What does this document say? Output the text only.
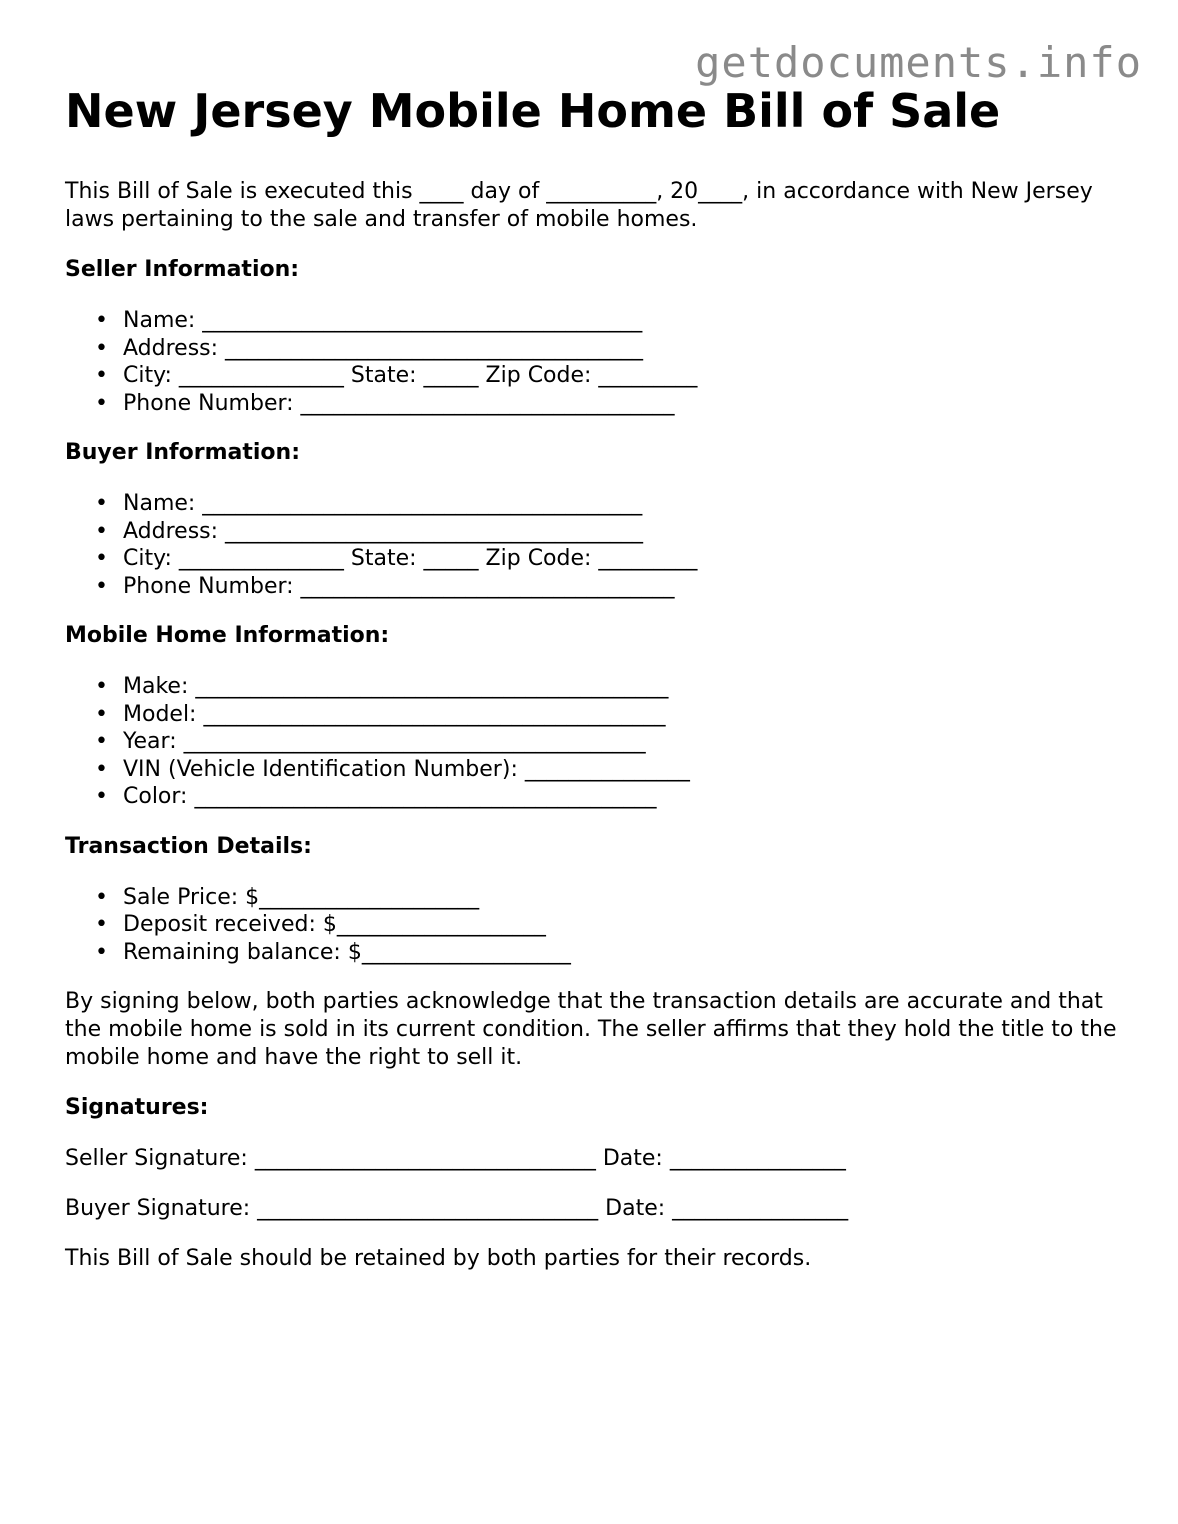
getdocuments.info
New Jersey Mobile Home Bill of Sale

This Bill of Sale is executed this ____ day of __________, 20____, in accordance with New Jersey laws pertaining to the sale and transfer of mobile homes.

Seller Information:
• Name: ________________________________________
• Address: ______________________________________
• City: _______________ State: _____ Zip Code: _________
• Phone Number: __________________________________
Buyer Information:
• Name: ________________________________________
• Address: ______________________________________
• City: _______________ State: _____ Zip Code: _________
• Phone Number: __________________________________
Mobile Home Information:
• Make: ___________________________________________
• Model: __________________________________________
• Year: __________________________________________
• VIN (Vehicle Identification Number): _______________
• Color: __________________________________________
Transaction Details:
• Sale Price: $____________________
• Deposit received: $___________________
• Remaining balance: $___________________

By signing below, both parties acknowledge that the transaction details are accurate and that the mobile home is sold in its current condition. The seller affirms that they hold the title to the mobile home and have the right to sell it.

Signatures:

Seller Signature: _______________________________ Date: ________________

Buyer Signature: _______________________________ Date: ________________

This Bill of Sale should be retained by both parties for their records.
